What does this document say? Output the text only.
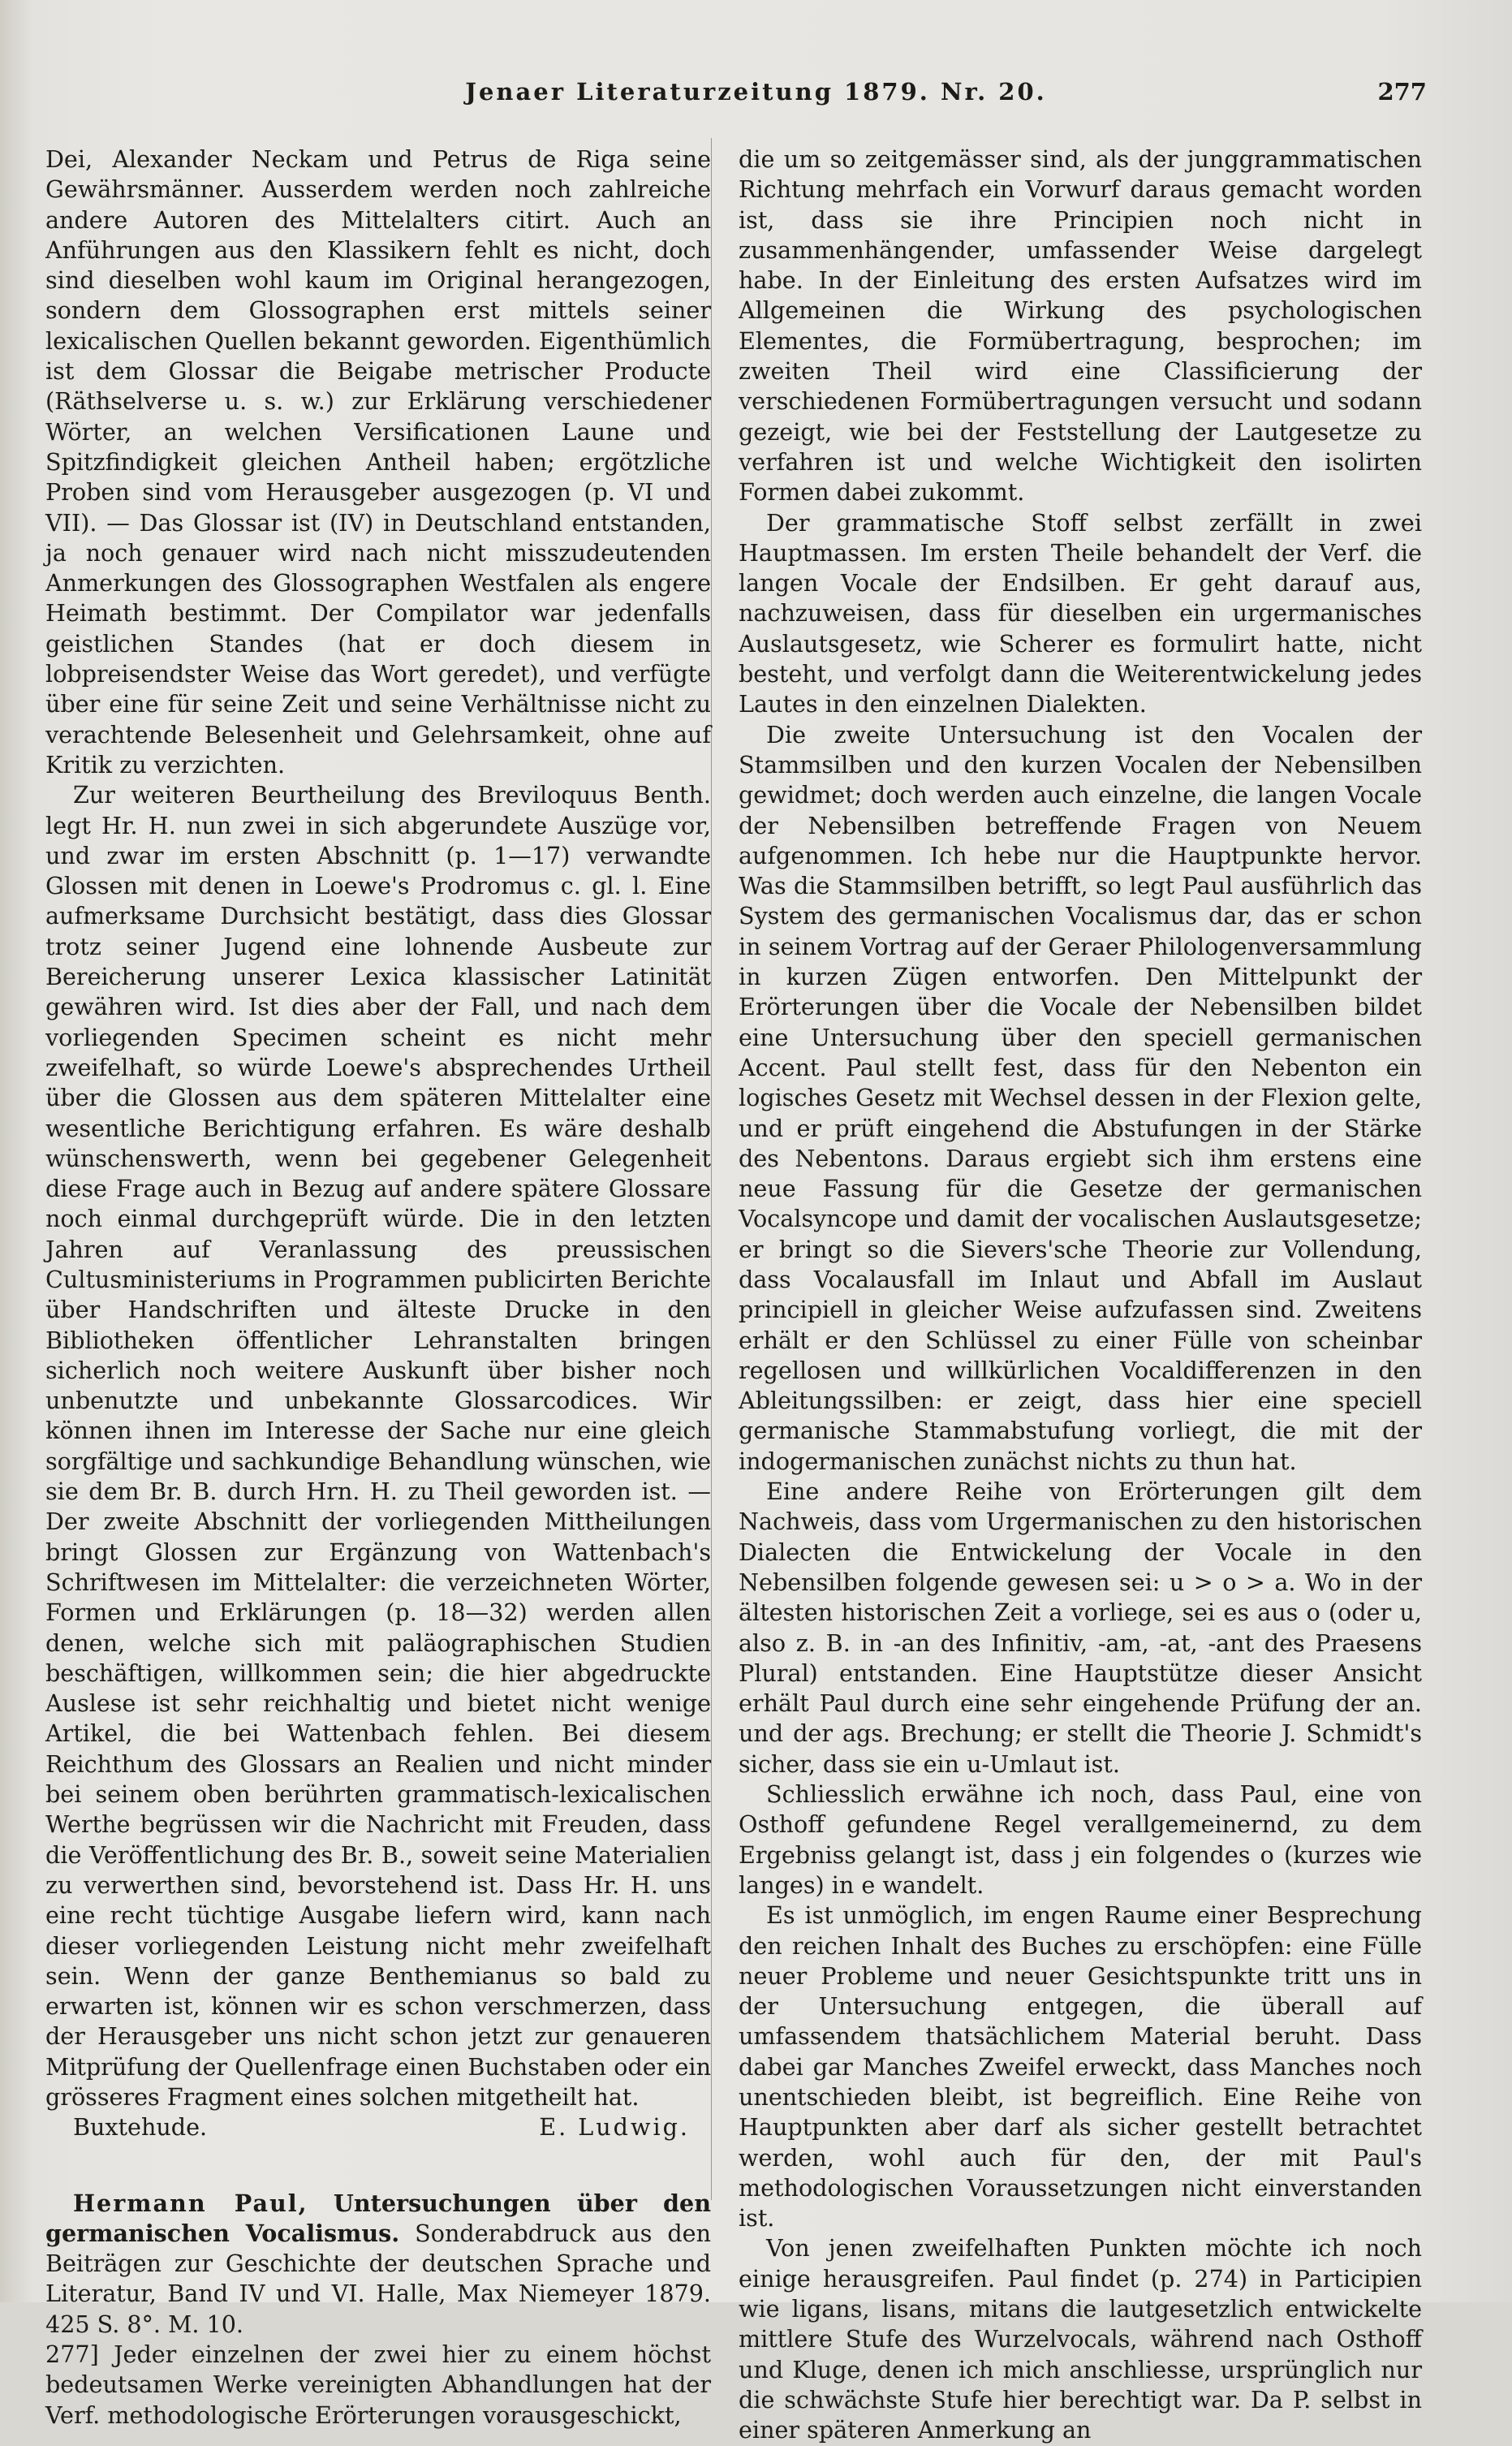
Jenaer Literaturzeitung 1879. Nr. 20.	277

Dei, Alexander Neckam und Petrus de Riga seine Gewährsmänner. Ausserdem werden noch zahlreiche andere Autoren des Mittelalters citirt. Auch an Anführungen aus den Klassikern fehlt es nicht, doch sind dieselben wohl kaum im Original herangezogen, sondern dem Glossographen erst mittels seiner lexicalischen Quellen bekannt geworden. Eigenthümlich ist dem Glossar die Beigabe metrischer Producte (Räthselverse u. s. w.) zur Erklärung verschiedener Wörter, an welchen Versificationen Laune und Spitzfindigkeit gleichen Antheil haben; ergötzliche Proben sind vom Herausgeber ausgezogen (p. VI und VII). — Das Glossar ist (IV) in Deutschland entstanden, ja noch genauer wird nach nicht misszudeutenden Anmerkungen des Glossographen Westfalen als engere Heimath bestimmt. Der Compilator war jedenfalls geistlichen Standes (hat er doch diesem in lobpreisendster Weise das Wort geredet), und verfügte über eine für seine Zeit und seine Verhältnisse nicht zu verachtende Belesenheit und Gelehrsamkeit, ohne auf Kritik zu verzichten.

Zur weiteren Beurtheilung des Breviloquus Benth. legt Hr. H. nun zwei in sich abgerundete Auszüge vor, und zwar im ersten Abschnitt (p. 1—17) verwandte Glossen mit denen in Loewe's Prodromus c. gl. l. Eine aufmerksame Durchsicht bestätigt, dass dies Glossar trotz seiner Jugend eine lohnende Ausbeute zur Bereicherung unserer Lexica klassischer Latinität gewähren wird. Ist dies aber der Fall, und nach dem vorliegenden Specimen scheint es nicht mehr zweifelhaft, so würde Loewe's absprechendes Urtheil über die Glossen aus dem späteren Mittelalter eine wesentliche Berichtigung erfahren. Es wäre deshalb wünschenswerth, wenn bei gegebener Gelegenheit diese Frage auch in Bezug auf andere spätere Glossare noch einmal durchgeprüft würde. Die in den letzten Jahren auf Veranlassung des preussischen Cultusministeriums in Programmen publicirten Berichte über Handschriften und älteste Drucke in den Bibliotheken öffentlicher Lehranstalten bringen sicherlich noch weitere Auskunft über bisher noch unbenutzte und unbekannte Glossarcodices. Wir können ihnen im Interesse der Sache nur eine gleich sorgfältige und sachkundige Behandlung wünschen, wie sie dem Br. B. durch Hrn. H. zu Theil geworden ist. — Der zweite Abschnitt der vorliegenden Mittheilungen bringt Glossen zur Ergänzung von Wattenbach's Schriftwesen im Mittelalter: die verzeichneten Wörter, Formen und Erklärungen (p. 18—32) werden allen denen, welche sich mit paläographischen Studien beschäftigen, willkommen sein; die hier abgedruckte Auslese ist sehr reichhaltig und bietet nicht wenige Artikel, die bei Wattenbach fehlen. Bei diesem Reichthum des Glossars an Realien und nicht minder bei seinem oben berührten grammatisch-lexicalischen Werthe begrüssen wir die Nachricht mit Freuden, dass die Veröffentlichung des Br. B., soweit seine Materialien zu verwerthen sind, bevorstehend ist. Dass Hr. H. uns eine recht tüchtige Ausgabe liefern wird, kann nach dieser vorliegenden Leistung nicht mehr zweifelhaft sein. Wenn der ganze Benthemianus so bald zu erwarten ist, können wir es schon verschmerzen, dass der Herausgeber uns nicht schon jetzt zur genaueren Mitprüfung der Quellenfrage einen Buchstaben oder ein grösseres Fragment eines solchen mitgetheilt hat.

Buxtehude.	E. Ludwig.

Hermann Paul, Untersuchungen über den germanischen Vocalismus. Sonderabdruck aus den Beiträgen zur Geschichte der deutschen Sprache und Literatur, Band IV und VI. Halle, Max Niemeyer 1879. 425 S. 8°. M. 10.

277] Jeder einzelnen der zwei hier zu einem höchst bedeutsamen Werke vereinigten Abhandlungen hat der Verf. methodologische Erörterungen vorausgeschickt,

die um so zeitgemässer sind, als der junggrammatischen Richtung mehrfach ein Vorwurf daraus gemacht worden ist, dass sie ihre Principien noch nicht in zusammenhängender, umfassender Weise dargelegt habe. In der Einleitung des ersten Aufsatzes wird im Allgemeinen die Wirkung des psychologischen Elementes, die Formübertragung, besprochen; im zweiten Theil wird eine Classificierung der verschiedenen Formübertragungen versucht und sodann gezeigt, wie bei der Feststellung der Lautgesetze zu verfahren ist und welche Wichtigkeit den isolirten Formen dabei zukommt.

Der grammatische Stoff selbst zerfällt in zwei Hauptmassen. Im ersten Theile behandelt der Verf. die langen Vocale der Endsilben. Er geht darauf aus, nachzuweisen, dass für dieselben ein urgermanisches Auslautsgesetz, wie Scherer es formulirt hatte, nicht besteht, und verfolgt dann die Weiterentwickelung jedes Lautes in den einzelnen Dialekten.

Die zweite Untersuchung ist den Vocalen der Stammsilben und den kurzen Vocalen der Nebensilben gewidmet; doch werden auch einzelne, die langen Vocale der Nebensilben betreffende Fragen von Neuem aufgenommen. Ich hebe nur die Hauptpunkte hervor. Was die Stammsilben betrifft, so legt Paul ausführlich das System des germanischen Vocalismus dar, das er schon in seinem Vortrag auf der Geraer Philologenversammlung in kurzen Zügen entworfen. Den Mittelpunkt der Erörterungen über die Vocale der Nebensilben bildet eine Untersuchung über den speciell germanischen Accent. Paul stellt fest, dass für den Nebenton ein logisches Gesetz mit Wechsel dessen in der Flexion gelte, und er prüft eingehend die Abstufungen in der Stärke des Nebentons. Daraus ergiebt sich ihm erstens eine neue Fassung für die Gesetze der germanischen Vocalsyncope und damit der vocalischen Auslautsgesetze; er bringt so die Sievers'sche Theorie zur Vollendung, dass Vocalausfall im Inlaut und Abfall im Auslaut principiell in gleicher Weise aufzufassen sind. Zweitens erhält er den Schlüssel zu einer Fülle von scheinbar regellosen und willkürlichen Vocaldifferenzen in den Ableitungssilben: er zeigt, dass hier eine speciell germanische Stammabstufung vorliegt, die mit der indogermanischen zunächst nichts zu thun hat.

Eine andere Reihe von Erörterungen gilt dem Nachweis, dass vom Urgermanischen zu den historischen Dialecten die Entwickelung der Vocale in den Nebensilben folgende gewesen sei: u > o > a. Wo in der ältesten historischen Zeit a vorliege, sei es aus o (oder u, also z. B. in -an des Infinitiv, -am, -at, -ant des Praesens Plural) entstanden. Eine Hauptstütze dieser Ansicht erhält Paul durch eine sehr eingehende Prüfung der an. und der ags. Brechung; er stellt die Theorie J. Schmidt's sicher, dass sie ein u-Umlaut ist.

Schliesslich erwähne ich noch, dass Paul, eine von Osthoff gefundene Regel verallgemeinernd, zu dem Ergebniss gelangt ist, dass j ein folgendes o (kurzes wie langes) in e wandelt.

Es ist unmöglich, im engen Raume einer Besprechung den reichen Inhalt des Buches zu erschöpfen: eine Fülle neuer Probleme und neuer Gesichtspunkte tritt uns in der Untersuchung entgegen, die überall auf umfassendem thatsächlichem Material beruht. Dass dabei gar Manches Zweifel erweckt, dass Manches noch unentschieden bleibt, ist begreiflich. Eine Reihe von Hauptpunkten aber darf als sicher gestellt betrachtet werden, wohl auch für den, der mit Paul's methodologischen Voraussetzungen nicht einverstanden ist.

Von jenen zweifelhaften Punkten möchte ich noch einige herausgreifen. Paul findet (p. 274) in Participien wie ligans, lisans, mitans die lautgesetzlich entwickelte mittlere Stufe des Wurzelvocals, während nach Osthoff und Kluge, denen ich mich anschliesse, ursprünglich nur die schwächste Stufe hier berechtigt war. Da P. selbst in einer späteren Anmerkung an
